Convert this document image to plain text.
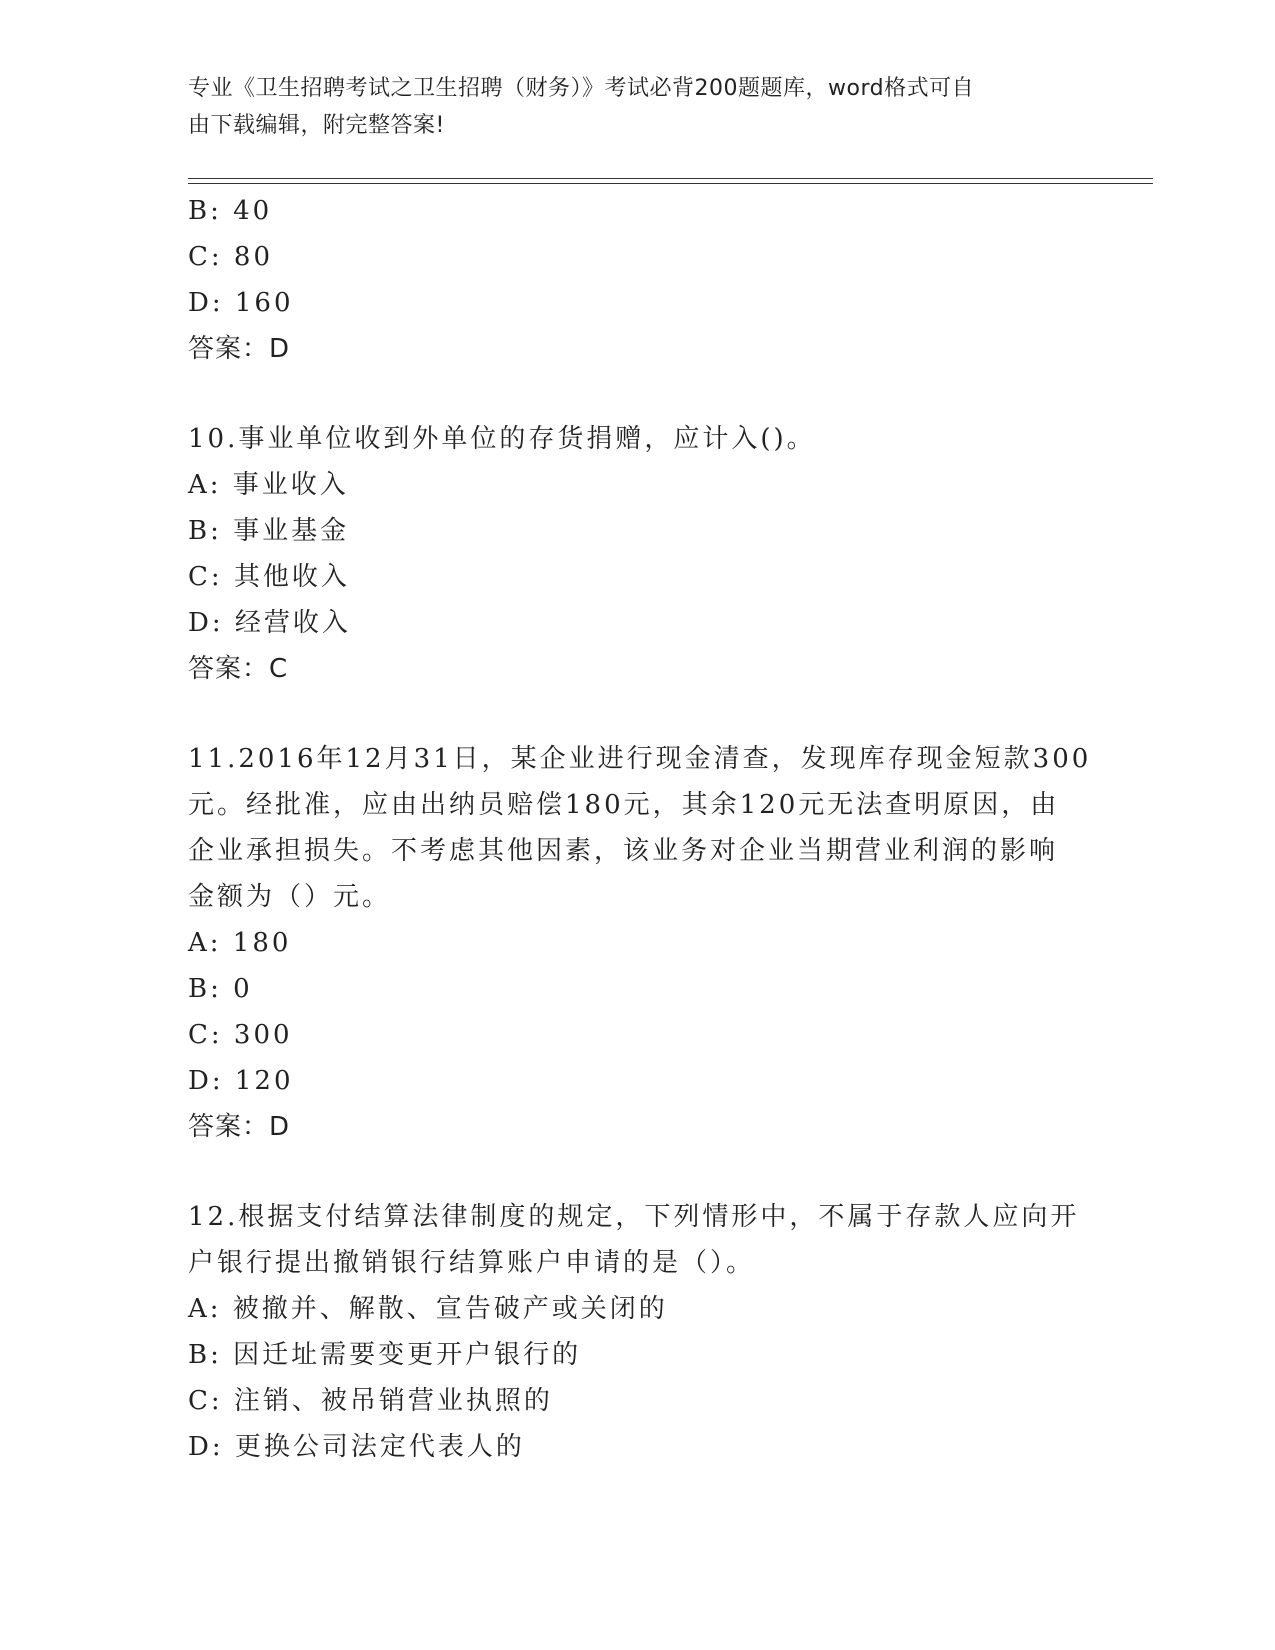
专业《卫生招聘考试之卫生招聘（财务）》考试必背200题题库，word格式可自
由下载编辑，附完整答案!
B: 40
C: 80
D: 160
答案：D
10.事业单位收到外单位的存货捐赠，应计入()。
A: 事业收入
B: 事业基金
C: 其他收入
D: 经营收入
答案：C
11.2016年12月31日，某企业进行现金清查，发现库存现金短款300
元。经批准，应由出纳员赔偿180元，其余120元无法查明原因，由
企业承担损失。不考虑其他因素，该业务对企业当期营业利润的影响
金额为（）元。
A: 180
B: 0
C: 300
D: 120
答案：D
12.根据支付结算法律制度的规定，下列情形中，不属于存款人应向开
户银行提出撤销银行结算账户申请的是（）。
A: 被撤并、解散、宣告破产或关闭的
B: 因迁址需要变更开户银行的
C: 注销、被吊销营业执照的
D: 更换公司法定代表人的
